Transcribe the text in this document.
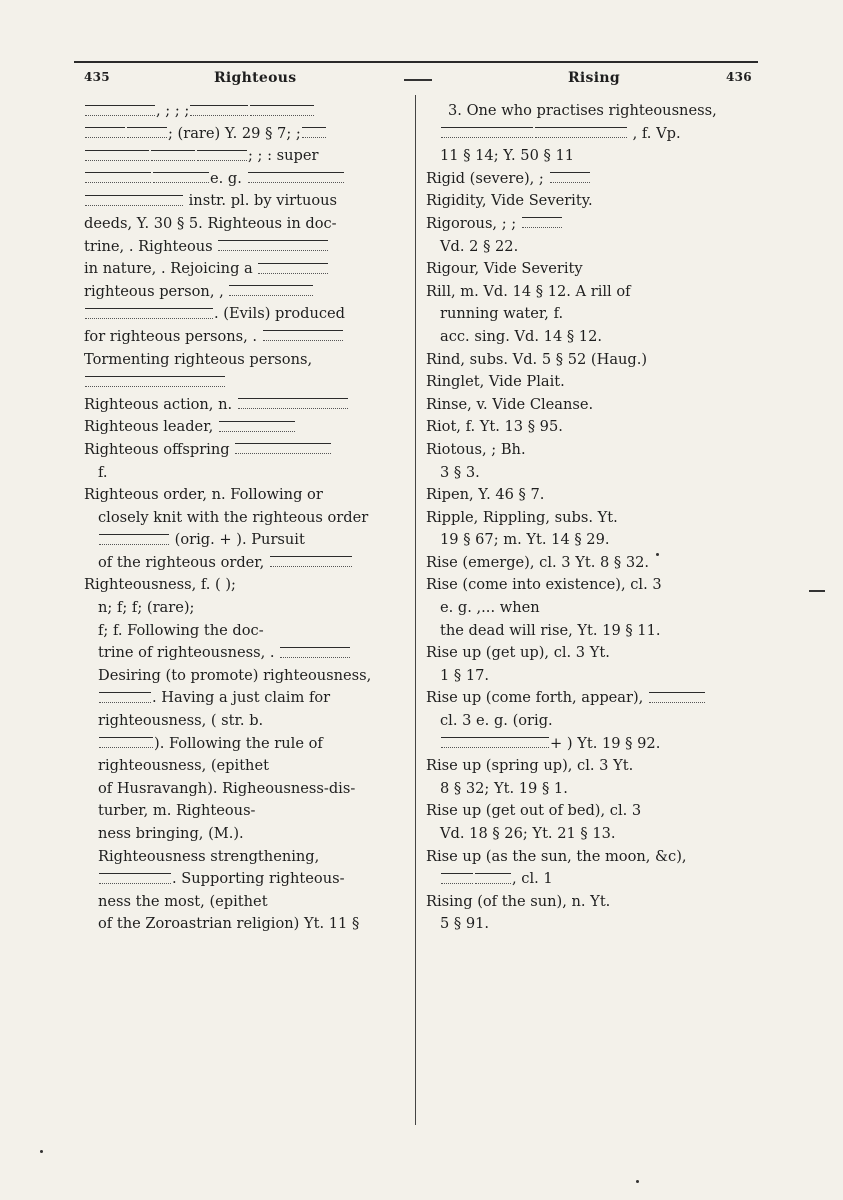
435	Righteous	Rising	436

, ; ; ;

; (rare) Y. 29 § 7; ;

; ; : super

e. g.

instr. pl. by virtuous

deeds, Y. 30 § 5. Righteous in doc-

trine, . Righteous

in nature, . Rejoicing a

righteous person, ,

. (Evils) produced

for righteous persons, .

Tormenting righteous persons,

Righteous action, n.

Righteous leader,

Righteous offspring
f.

Righteous order, n. Following or
closely knit with the righteous order
(orig. + ). Pursuit
of the righteous order,

Righteousness, f. ( );
n; f; f; (rare);
f; f. Following the doc-
trine of righteousness, .
Desiring (to promote) righteousness,
. Having a just claim for
righteousness, ( str. b.
). Following the rule of
righteousness, (epithet
of Husravangh). Righeousness-dis-
turber, m. Righteous-
ness bringing, (M.).
Righteousness strengthening,
. Supporting righteous-
ness the most, (epithet
of the Zoroastrian religion) Yt. 11 §

3. One who practises righteousness,

, f. Vp.

11 § 14; Y. 50 § 11

Rigid (severe), ;

Rigidity, Vide Severity.

Rigorous, ; ;
Vd. 2 § 22.

Rigour, Vide Severity

Rill, m. Vd. 14 § 12. A rill of
running water, f.
acc. sing. Vd. 14 § 12.

Rind, subs. Vd. 5 § 52 (Haug.)

Ringlet, Vide Plait.

Rinse, v. Vide Cleanse.

Riot, f. Yt. 13 § 95.

Riotous, ; Bh.
3 § 3.

Ripen, Y. 46 § 7.

Ripple, Rippling, subs. Yt.
19 § 67; m. Yt. 14 § 29.

Rise (emerge), cl. 3 Yt. 8 § 32.

Rise (come into existence), cl. 3
e. g. ,... when
the dead will rise, Yt. 19 § 11.

Rise up (get up), cl. 3 Yt.
1 § 17.

Rise up (come forth, appear),
cl. 3 e. g. (orig.
+ ) Yt. 19 § 92.

Rise up (spring up), cl. 3 Yt.
8 § 32; Yt. 19 § 1.

Rise up (get out of bed), cl. 3
Vd. 18 § 26; Yt. 21 § 13.

Rise up (as the sun, the moon, &c),
, cl. 1

Rising (of the sun), n. Yt.
5 § 91.
